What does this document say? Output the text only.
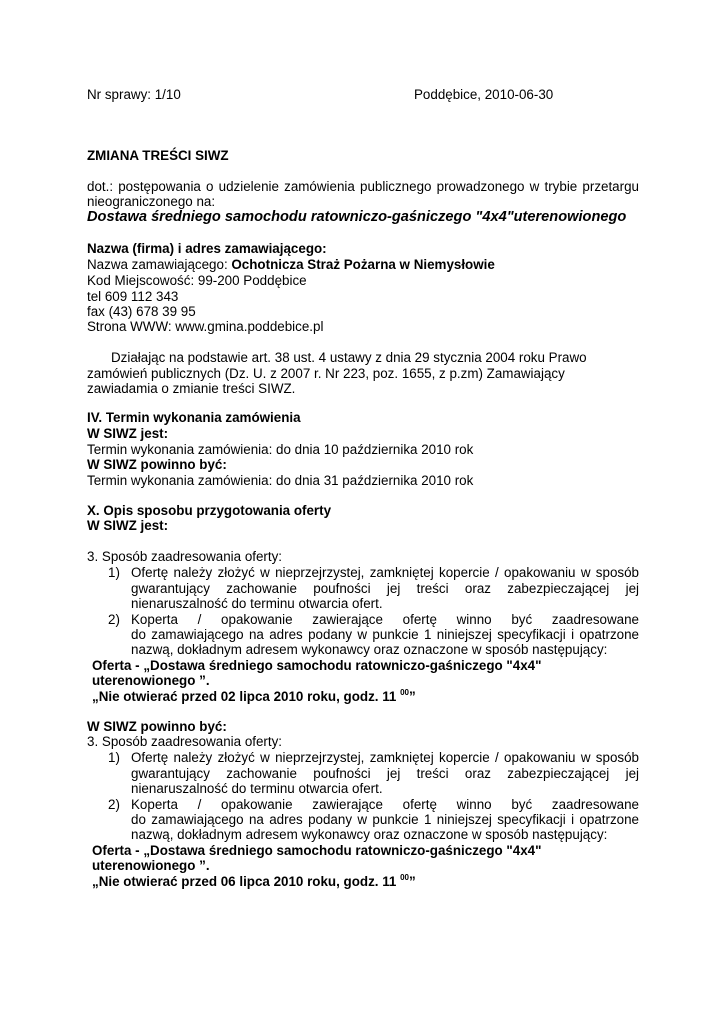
Nr sprawy: 1/10	Poddębice, 2010-06-30
ZMIANA TREŚCI SIWZ
dot.: postępowania o udzielenie zamówienia publicznego prowadzonego w trybie przetargu
nieograniczonego na:
Dostawa średniego samochodu ratowniczo-gaśniczego "4x4"uterenowionego
Nazwa (firma) i adres zamawiającego:
Nazwa zamawiającego: Ochotnicza Straż Pożarna w Niemysłowie
Kod Miejscowość: 99-200 Poddębice
tel 609 112 343
fax (43) 678 39 95
Strona WWW: www.gmina.poddebice.pl
Działając na podstawie art. 38 ust. 4 ustawy z dnia 29 stycznia 2004 roku Prawo
zamówień publicznych (Dz. U. z 2007 r. Nr 223, poz. 1655, z p.zm) Zamawiający
zawiadamia o zmianie treści SIWZ.
IV. Termin wykonania zamówienia
W SIWZ jest:
Termin wykonania zamówienia: do dnia 10 października 2010 rok
W SIWZ powinno być:
Termin wykonania zamówienia: do dnia 31 października 2010 rok
X. Opis sposobu przygotowania oferty
W SIWZ jest:
3. Sposób zaadresowania oferty:
1) Ofertę należy złożyć w nieprzejrzystej, zamkniętej kopercie / opakowaniu w sposób
gwarantujący zachowanie poufności jej treści oraz zabezpieczającej jej
nienaruszalność do terminu otwarcia ofert.
2) Koperta / opakowanie zawierające ofertę winno być zaadresowane
do zamawiającego na adres podany w punkcie 1 niniejszej specyfikacji i opatrzone
nazwą, dokładnym adresem wykonawcy oraz oznaczone w sposób następujący:
Oferta - „Dostawa średniego samochodu ratowniczo-gaśniczego "4x4"
uterenowionego ”.
„Nie otwierać przed 02 lipca 2010 roku, godz. 11 $^{00}$”
W SIWZ powinno być:
3. Sposób zaadresowania oferty:
1) Ofertę należy złożyć w nieprzejrzystej, zamkniętej kopercie / opakowaniu w sposób
gwarantujący zachowanie poufności jej treści oraz zabezpieczającej jej
nienaruszalność do terminu otwarcia ofert.
2) Koperta / opakowanie zawierające ofertę winno być zaadresowane
do zamawiającego na adres podany w punkcie 1 niniejszej specyfikacji i opatrzone
nazwą, dokładnym adresem wykonawcy oraz oznaczone w sposób następujący:
Oferta - „Dostawa średniego samochodu ratowniczo-gaśniczego "4x4"
uterenowionego ”.
„Nie otwierać przed 06 lipca 2010 roku, godz. 11 $^{00}$”
